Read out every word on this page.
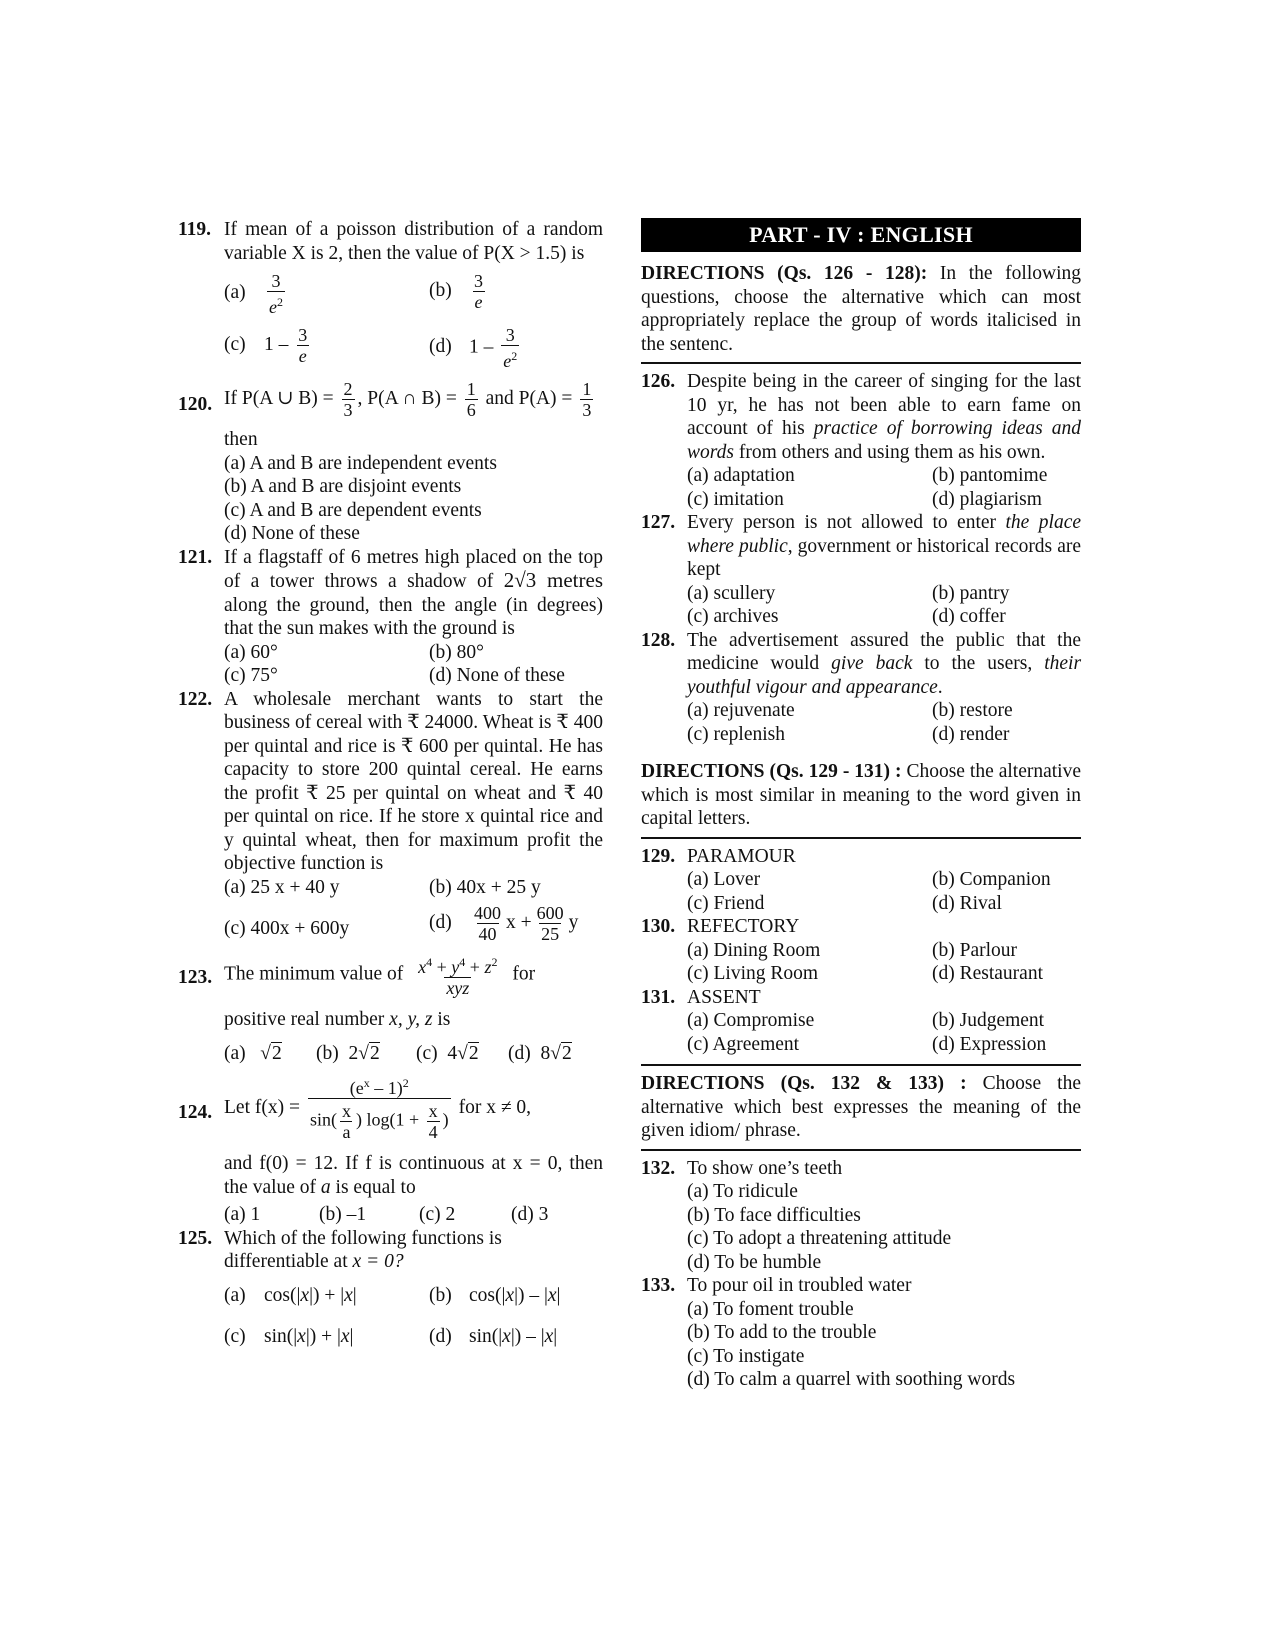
119. If mean of a poisson distribution of a random variable X is 2, then the value of P(X > 1.5) is
$(a) \frac{3}{e^2}$	$(b) \frac{3}{e}$
(c) $1 - \frac{3}{e}$	(d) $1 - \frac{3}{e^2}$
120. If P(A ∪ $B) = \frac{2}{3}$ , P(A ∩ $B) = \frac{1}{6}$ and $P(A) = \frac{1}{3}$
then
(a) A and B are independent events
(b) A and B are disjoint events
(c) A and B are dependent events
(d) None of these
121. If a flagstaff of 6 metres high placed on the top of a tower throws a shadow of 2√3 metres along the ground, then the angle (in degrees) that the sun makes with the ground is
(a) 60°	(b) 80°
(c) 75°	(d) None of these
122. A wholesale merchant wants to start the business of cereal with ₹ 24000. Wheat is ₹ 400 per quintal and rice is ₹ 600 per quintal. He has capacity to store 200 quintal cereal. He earns the profit ₹ 25 per quintal on wheat and ₹ 40 per quintal on rice. If he store x quintal rice and y quintal wheat, then for maximum profit the objective function is
(a) 25 x + 40 y	(b) 40x + 25 y
(c) 400x + 600y	$(d) \frac{400}{40}$ $x + \frac{600}{25}$ y
123. The minimum value of $\frac{x^4 + y^4 + z^2}{\text{xyz}}$ for
positive real number x, y, z is
(a)   √2	(b)  2√2	(c)  4√2	(d)  8√2
124. Let $f(x) = \frac{(e^x - 1)^2}{\sin( \frac{x}{a} ) \log(1 + \frac{x}{4} )}$ for x ≠ 0,
and f(0) = 12. If f is continuous at x = 0, then the value of a is equal to
(a) 1	(b) –1	(c) 2	(d) 3
125. Which of the following functions is differentiable at x = 0?
(a) cos(|x|) + |x|	(b) cos(|x|) – |x|
(c) sin(|x|) + |x|	(d) sin(|x|) – |x|
PART - IV : ENGLISH
DIRECTIONS (Qs. 126 - 128): In the following questions, choose the alternative which can most appropriately replace the group of words italicised in the sentenc.
126. Despite being in the career of singing for the last 10 yr, he has not been able to earn fame on account of his practice of borrowing ideas and words from others and using them as his own.
(a) adaptation	(b) pantomime
(c) imitation	(d) plagiarism
127. Every person is not allowed to enter the place where public, government or historical records are kept
(a) scullery	(b) pantry
(c) archives	(d) coffer
128. The advertisement assured the public that the medicine would give back to the users, their youthful vigour and appearance.
(a) rejuvenate	(b) restore
(c) replenish	(d) render
DIRECTIONS (Qs. 129 - 131) : Choose the alternative which is most similar in meaning to the word given in capital letters.
129. PARAMOUR
(a) Lover	(b) Companion
(c) Friend	(d) Rival
130. REFECTORY
(a) Dining Room	(b) Parlour
(c) Living Room	(d) Restaurant
131. ASSENT
(a) Compromise	(b) Judgement
(c) Agreement	(d) Expression
DIRECTIONS (Qs. 132 & 133) : Choose the alternative which best expresses the meaning of the given idiom/ phrase.
132. To show one’s teeth
(a) To ridicule
(b) To face difficulties
(c) To adopt a threatening attitude
(d) To be humble
133. To pour oil in troubled water
(a) To foment trouble
(b) To add to the trouble
(c) To instigate
(d) To calm a quarrel with soothing words
